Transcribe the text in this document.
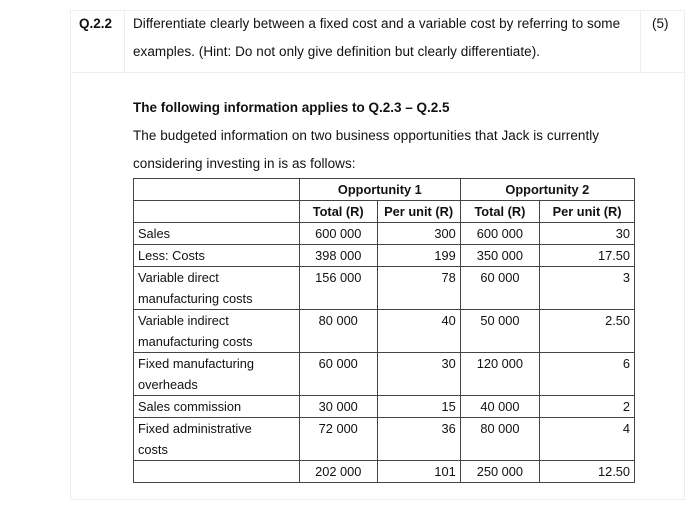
Q.2.2	(5)
Differentiate clearly between a fixed cost and a variable cost by referring to some
examples. (Hint: Do not only give definition but clearly differentiate).
The following information applies to Q.2.3 – Q.2.5
The budgeted information on two business opportunities that Jack is currently
considering investing in is as follows:
	Opportunity 1		Opportunity 2	
	Total (R)	Per unit (R)	Total (R)	Per unit (R)
Sales	600 000	300	600 000	30
Less: Costs	398 000	199	350 000	17.50
Variable direct
manufacturing costs	156 000	78	60 000	3
Variable indirect
manufacturing costs	80 000	40	50 000	2.50
Fixed manufacturing
overheads	60 000	30	120 000	6
Sales commission	30 000	15	40 000	2
Fixed administrative
costs	72 000	36	80 000	4
	202 000	101	250 000	12.50
